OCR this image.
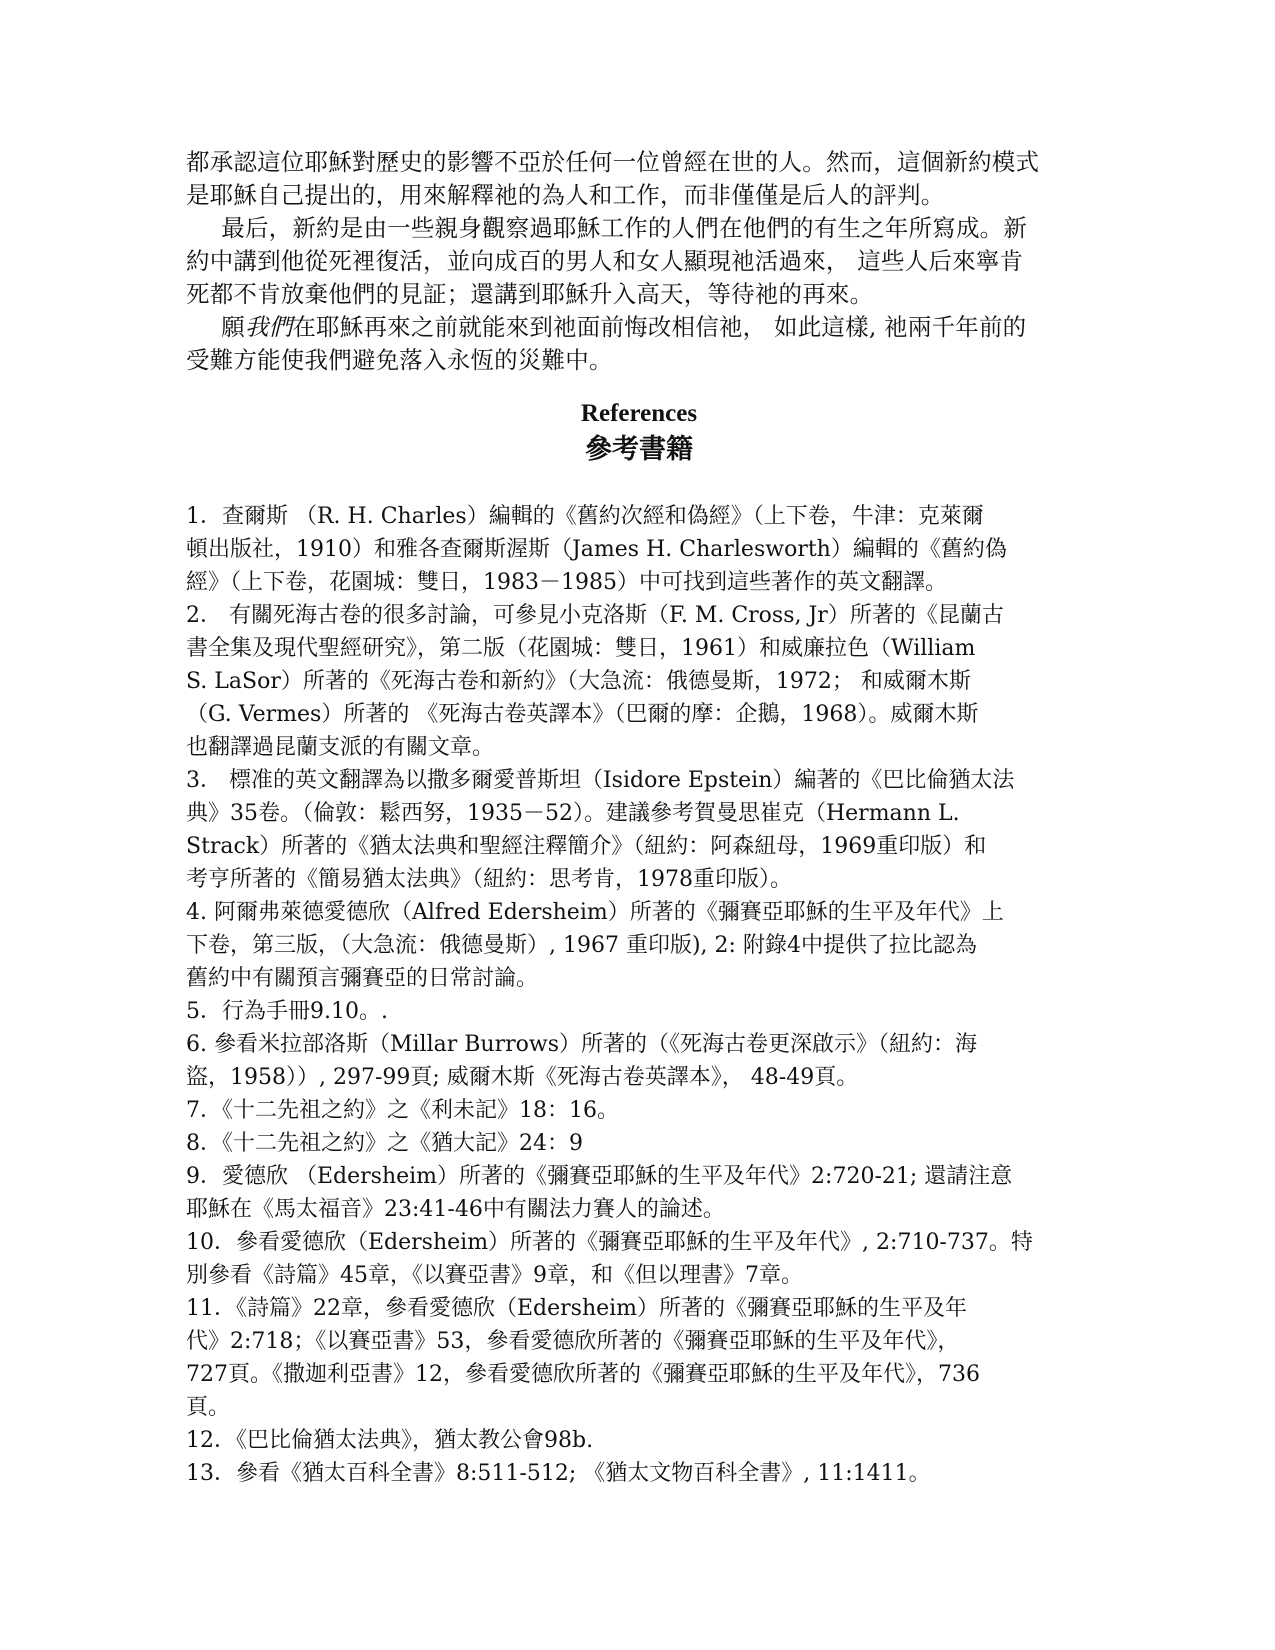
都承認這位耶穌對歷史的影響不亞於任何一位曾經在世的人。然而，這個新約模式
是耶穌自己提出的，用來解釋祂的為人和工作，而非僅僅是后人的評判。

最后，新約是由一些親身觀察過耶穌工作的人們在他們的有生之年所寫成。新
約中講到他從死裡復活，並向成百的男人和女人顯現祂活過來， 這些人后來寧肯
死都不肯放棄他們的見証；還講到耶穌升入高天，等待祂的再來。

願我們在耶穌再來之前就能來到祂面前悔改相信祂， 如此這樣, 祂兩千年前的
受難方能使我們避免落入永恆的災難中。

References
參考書籍

1．查爾斯 （R. H. Charles）編輯的《舊約次經和偽經》（上下卷，牛津：克萊爾
頓出版社，1910）和雅各查爾斯渥斯（James H. Charlesworth）編輯的《舊約偽
經》（上下卷，花園城：雙日，1983－1985）中可找到這些著作的英文翻譯。

2． 有關死海古卷的很多討論，可參見小克洛斯（F. M. Cross, Jr）所著的《昆蘭古
書全集及現代聖經研究》，第二版（花園城：雙日，1961）和威廉拉色（William
S. LaSor）所著的《死海古卷和新約》（大急流：俄德曼斯，1972； 和威爾木斯
（G. Vermes）所著的 《死海古卷英譯本》（巴爾的摩：企鵝，1968）。威爾木斯
也翻譯過昆蘭支派的有關文章。

3． 標准的英文翻譯為以撒多爾愛普斯坦（Isidore Epstein）編著的《巴比倫猶太法
典》35卷。（倫敦：鬆西努，1935－52）。建議參考賀曼思崔克（Hermann L.
Strack）所著的《猶太法典和聖經注釋簡介》（紐約：阿森紐母，1969重印版）和
考亨所著的《簡易猶太法典》（紐約：思考肯，1978重印版）。

4. 阿爾弗萊德愛德欣（Alfred Edersheim）所著的《彌賽亞耶穌的生平及年代》上
下卷，第三版，（大急流：俄德曼斯）, 1967 重印版), 2: 附錄4中提供了拉比認為
舊約中有關預言彌賽亞的日常討論。

5．行為手冊9.10。.

6. 參看米拉部洛斯（Millar Burrows）所著的（《死海古卷更深啟示》（紐約：海
盜，1958））, 297-99頁; 威爾木斯《死海古卷英譯本》， 48-49頁。

7．《十二先祖之約》之《利未記》18：16。

8．《十二先祖之約》之《猶大記》24：9

9．愛德欣 （Edersheim）所著的《彌賽亞耶穌的生平及年代》2:720-21; 還請注意
耶穌在《馬太福音》23:41-46中有關法力賽人的論述。

10．參看愛德欣（Edersheim）所著的《彌賽亞耶穌的生平及年代》, 2:710-737。特
別參看《詩篇》45章，《以賽亞書》9章，和《但以理書》7章。

11．《詩篇》22章，參看愛德欣（Edersheim）所著的《彌賽亞耶穌的生平及年
代》2:718；《以賽亞書》53，參看愛德欣所著的《彌賽亞耶穌的生平及年代》，
727頁。《撒迦利亞書》12，參看愛德欣所著的《彌賽亞耶穌的生平及年代》，736
頁。

12．《巴比倫猶太法典》，猶太教公會98b.

13．參看《猶太百科全書》8:511-512; 《猶太文物百科全書》, 11:1411。
